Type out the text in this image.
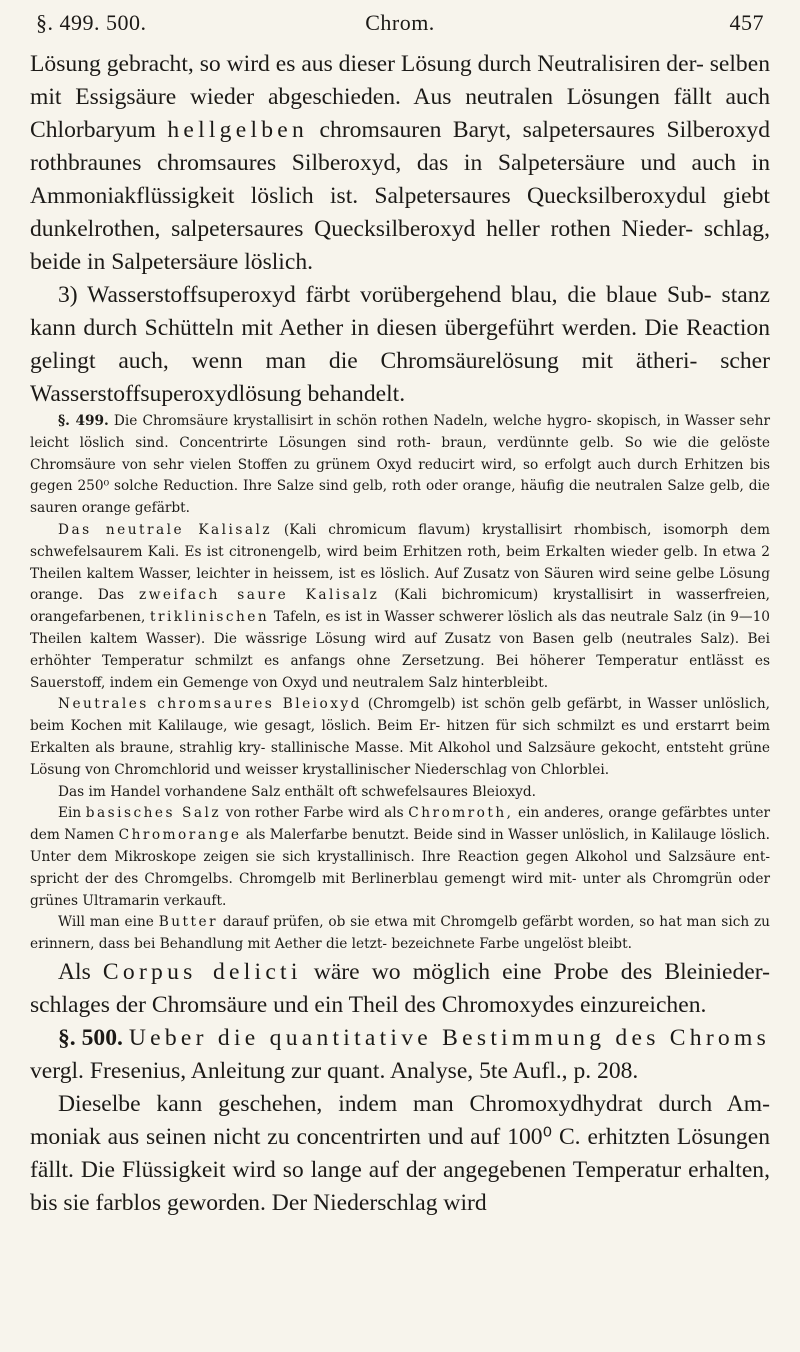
§. 499. 500.	Chrom.	457

Lösung gebracht, so wird es aus dieser Lösung durch Neutralisiren der- selben mit Essigsäure wieder abgeschieden. Aus neutralen Lösungen fällt auch Chlorbaryum hellgelben chromsauren Baryt, salpetersaures Silberoxyd rothbraunes chromsaures Silberoxyd, das in Salpetersäure und auch in Ammoniakflüssigkeit löslich ist. Salpetersaures Quecksilberoxydul giebt dunkelrothen, salpetersaures Quecksilberoxyd heller rothen Nieder- schlag, beide in Salpetersäure löslich.

3) Wasserstoffsuperoxyd färbt vorübergehend blau, die blaue Sub- stanz kann durch Schütteln mit Aether in diesen übergeführt werden. Die Reaction gelingt auch, wenn man die Chromsäurelösung mit ätheri- scher Wasserstoffsuperoxydlösung behandelt.

§. 499. Die Chromsäure krystallisirt in schön rothen Nadeln, welche hygro- skopisch, in Wasser sehr leicht löslich sind. Concentrirte Lösungen sind roth- braun, verdünnte gelb. So wie die gelöste Chromsäure von sehr vielen Stoffen zu grünem Oxyd reducirt wird, so erfolgt auch durch Erhitzen bis gegen 250⁰ solche Reduction. Ihre Salze sind gelb, roth oder orange, häufig die neutralen Salze gelb, die sauren orange gefärbt.

Das neutrale Kalisalz (Kali chromicum flavum) krystallisirt rhombisch, isomorph dem schwefelsaurem Kali. Es ist citronengelb, wird beim Erhitzen roth, beim Erkalten wieder gelb. In etwa 2 Theilen kaltem Wasser, leichter in heissem, ist es löslich. Auf Zusatz von Säuren wird seine gelbe Lösung orange. Das zweifach saure Kalisalz (Kali bichromicum) krystallisirt in wasserfreien, orangefarbenen, triklinischen Tafeln, es ist in Wasser schwerer löslich als das neutrale Salz (in 9—10 Theilen kaltem Wasser). Die wässrige Lösung wird auf Zusatz von Basen gelb (neutrales Salz). Bei erhöhter Temperatur schmilzt es anfangs ohne Zersetzung. Bei höherer Temperatur entlässt es Sauerstoff, indem ein Gemenge von Oxyd und neutralem Salz hinterbleibt.

Neutrales chromsaures Bleioxyd (Chromgelb) ist schön gelb gefärbt, in Wasser unlöslich, beim Kochen mit Kalilauge, wie gesagt, löslich. Beim Er- hitzen für sich schmilzt es und erstarrt beim Erkalten als braune, strahlig kry- stallinische Masse. Mit Alkohol und Salzsäure gekocht, entsteht grüne Lösung von Chromchlorid und weisser krystallinischer Niederschlag von Chlorblei.

Das im Handel vorhandene Salz enthält oft schwefelsaures Bleioxyd.

Ein basisches Salz von rother Farbe wird als Chromroth, ein anderes, orange gefärbtes unter dem Namen Chromorange als Malerfarbe benutzt. Beide sind in Wasser unlöslich, in Kalilauge löslich. Unter dem Mikroskope zeigen sie sich krystallinisch. Ihre Reaction gegen Alkohol und Salzsäure ent- spricht der des Chromgelbs. Chromgelb mit Berlinerblau gemengt wird mit- unter als Chromgrün oder grünes Ultramarin verkauft.

Will man eine Butter darauf prüfen, ob sie etwa mit Chromgelb gefärbt worden, so hat man sich zu erinnern, dass bei Behandlung mit Aether die letzt- bezeichnete Farbe ungelöst bleibt.

Als Corpus delicti wäre wo möglich eine Probe des Bleinieder- schlages der Chromsäure und ein Theil des Chromoxydes einzureichen.

§. 500. Ueber die quantitative Bestimmung des Chroms vergl. Fresenius, Anleitung zur quant. Analyse, 5te Aufl., p. 208.

Dieselbe kann geschehen, indem man Chromoxydhydrat durch Am- moniak aus seinen nicht zu concentrirten und auf 100⁰ C. erhitzten Lösungen fällt. Die Flüssigkeit wird so lange auf der angegebenen Temperatur erhalten, bis sie farblos geworden. Der Niederschlag wird
